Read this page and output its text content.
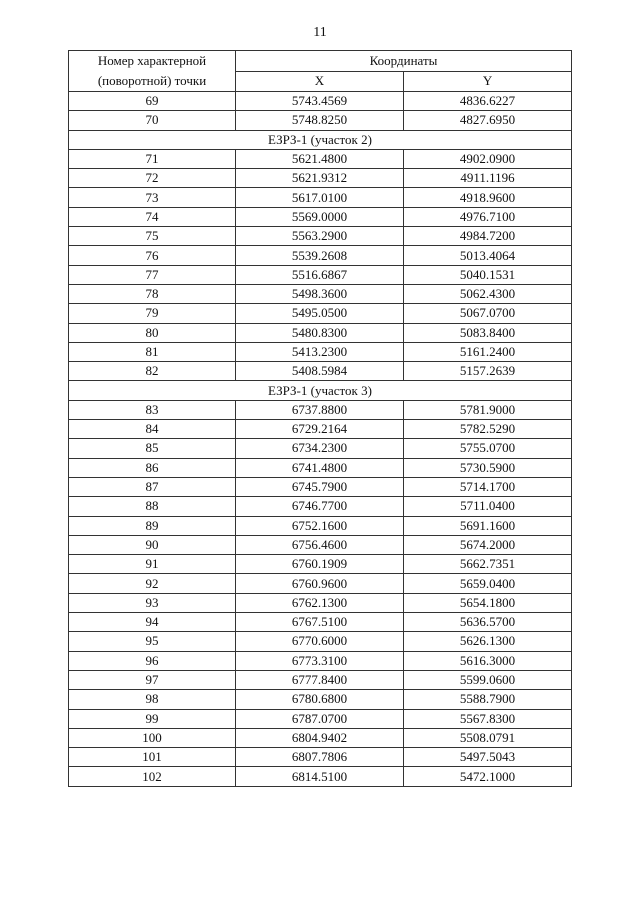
11
Номер характерной
(поворотной) точки	Координаты	
	X	Y
69	5743.4569	4836.6227
70	5748.8250	4827.6950
ЕЗРЗ-1 (участок 2)		
71	5621.4800	4902.0900
72	5621.9312	4911.1196
73	5617.0100	4918.9600
74	5569.0000	4976.7100
75	5563.2900	4984.7200
76	5539.2608	5013.4064
77	5516.6867	5040.1531
78	5498.3600	5062.4300
79	5495.0500	5067.0700
80	5480.8300	5083.8400
81	5413.2300	5161.2400
82	5408.5984	5157.2639
ЕЗРЗ-1 (участок 3)		
83	6737.8800	5781.9000
84	6729.2164	5782.5290
85	6734.2300	5755.0700
86	6741.4800	5730.5900
87	6745.7900	5714.1700
88	6746.7700	5711.0400
89	6752.1600	5691.1600
90	6756.4600	5674.2000
91	6760.1909	5662.7351
92	6760.9600	5659.0400
93	6762.1300	5654.1800
94	6767.5100	5636.5700
95	6770.6000	5626.1300
96	6773.3100	5616.3000
97	6777.8400	5599.0600
98	6780.6800	5588.7900
99	6787.0700	5567.8300
100	6804.9402	5508.0791
101	6807.7806	5497.5043
102	6814.5100	5472.1000
